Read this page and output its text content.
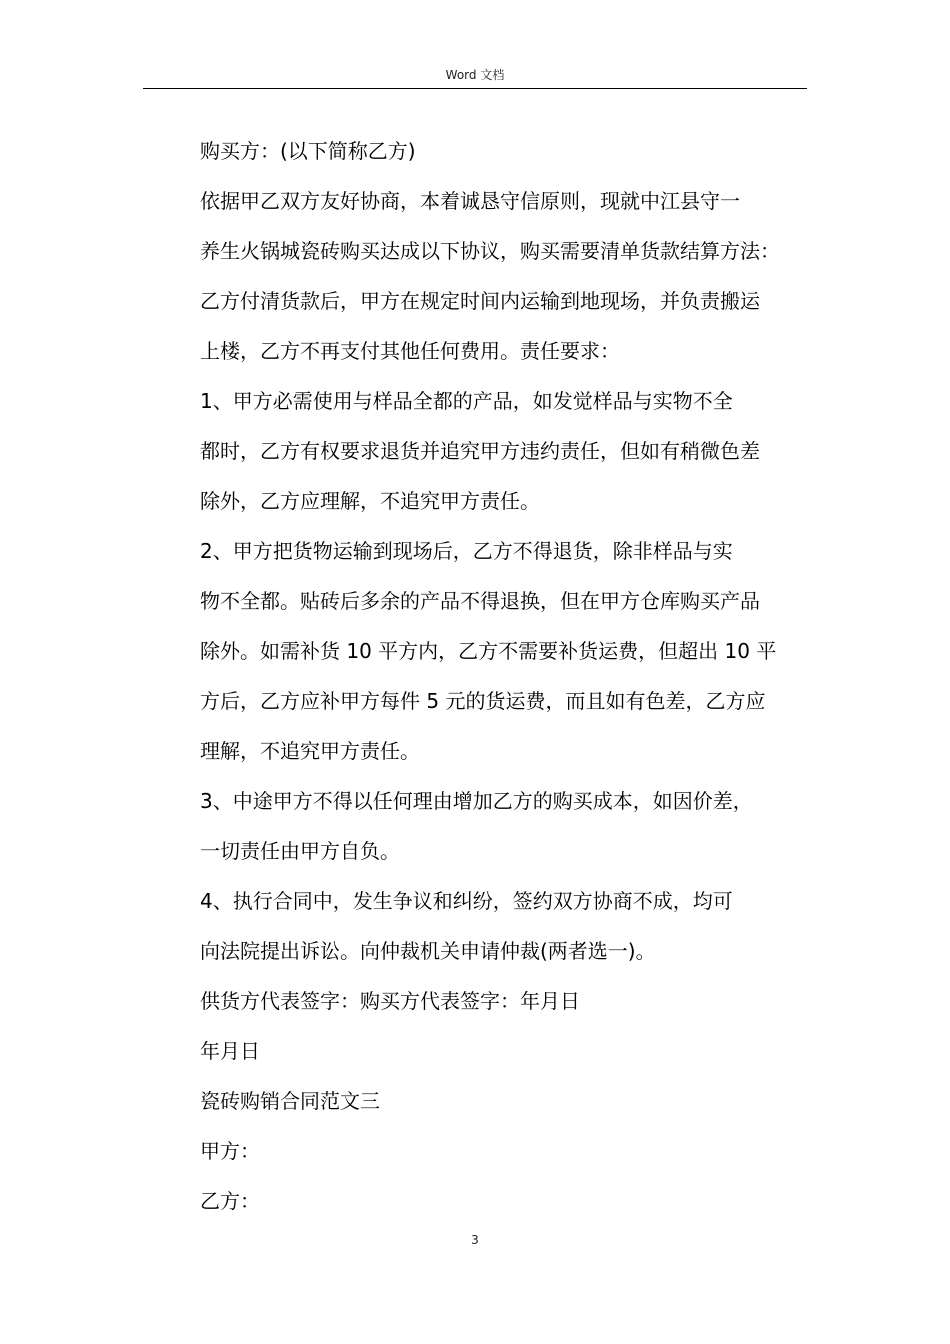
Word 文档

购买方：(以下简称乙方)

依据甲乙双方友好协商，本着诚恳守信原则，现就中江县守一
养生火锅城瓷砖购买达成以下协议，购买需要清单货款结算方法：
乙方付清货款后，甲方在规定时间内运输到地现场，并负责搬运
上楼，乙方不再支付其他任何费用。责任要求：

1、甲方必需使用与样品全都的产品，如发觉样品与实物不全
都时，乙方有权要求退货并追究甲方违约责任，但如有稍微色差
除外，乙方应理解，不追究甲方责任。

2、甲方把货物运输到现场后，乙方不得退货，除非样品与实
物不全都。贴砖后多余的产品不得退换，但在甲方仓库购买产品
除外。如需补货 10 平方内，乙方不需要补货运费，但超出 10 平
方后，乙方应补甲方每件 5 元的货运费，而且如有色差，乙方应
理解，不追究甲方责任。

3、中途甲方不得以任何理由增加乙方的购买成本，如因价差，
一切责任由甲方自负。

4、执行合同中，发生争议和纠纷，签约双方协商不成，均可
向法院提出诉讼。向仲裁机关申请仲裁(两者选一)。

供货方代表签字：购买方代表签字：年月日

年月日

瓷砖购销合同范文三

甲方：

乙方：

3
